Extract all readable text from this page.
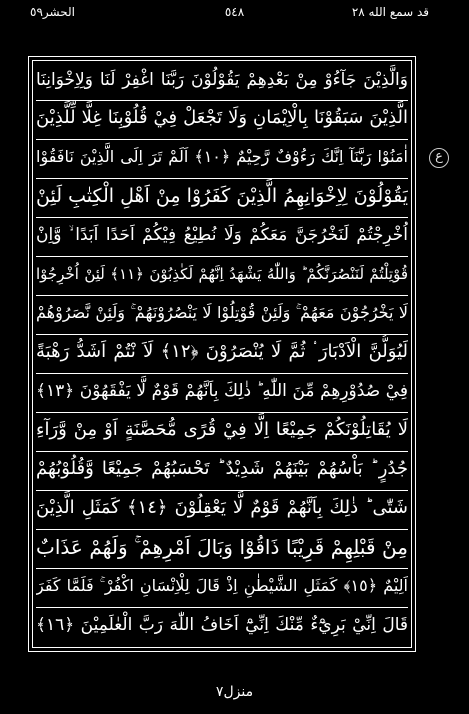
الحشر٥٩	٥٤٨	قد سمع الله ٢٨
ع
وَالَّذِيْنَ جَآءُوْ مِنْ بَعْدِهِمْ يَقُوْلُوْنَ رَبَّنَا اغْفِرْ لَنَا وَلِاِخْوَانِنَا
الَّذِيْنَ سَبَقُوْنَا بِالْاِيْمَانِ وَلَا تَجْعَلْ فِيْ قُلُوْبِنَا غِلًّا لِّلَّذِيْنَ
اٰمَنُوْا رَبَّنَآ اِنَّكَ رَءُوْفٌ رَّحِيْمٌ ﴿١٠﴾ اَلَمْ تَرَ اِلَى الَّذِيْنَ نَافَقُوْا
يَقُوْلُوْنَ لِاِخْوَانِهِمُ الَّذِيْنَ كَفَرُوْا مِنْ اَهْلِ الْكِتٰبِ لَئِنْ
اُخْرِجْتُمْ لَنَخْرُجَنَّ مَعَكُمْ وَلَا نُطِيْعُ فِيْكُمْ اَحَدًا اَبَدًا ۙ وَّاِنْ
قُوْتِلْتُمْ لَنَنْصُرَنَّكُمْ ؕ وَاللّٰهُ يَشْهَدُ اِنَّهُمْ لَكٰذِبُوْنَ ﴿١١﴾ لَئِنْ اُخْرِجُوْا
لَا يَخْرُجُوْنَ مَعَهُمْ ۚ وَلَئِنْ قُوْتِلُوْا لَا يَنْصُرُوْنَهُمْ ۚ وَلَئِنْ نَّصَرُوْهُمْ
لَيُوَلُّنَّ الْاَدْبَارَ ۟ ثُمَّ لَا يُنْصَرُوْنَ ﴿١٢﴾ لَاَ نْتُمْ اَشَدُّ رَهْبَةً
فِيْ صُدُوْرِهِمْ مِّنَ اللّٰهِ ؕ ذٰلِكَ بِاَنَّهُمْ قَوْمٌ لَّا يَفْقَهُوْنَ ﴿١٣﴾
لَا يُقَاتِلُوْنَكُمْ جَمِيْعًا اِلَّا فِيْ قُرًى مُّحَصَّنَةٍ اَوْ مِنْ وَّرَآءِ
جُدُرٍ ؕ بَاْسُهُمْ بَيْنَهُمْ شَدِيْدٌ ؕ تَحْسَبُهُمْ جَمِيْعًا وَّقُلُوْبُهُمْ
شَتّٰى ؕ ذٰلِكَ بِاَنَّهُمْ قَوْمٌ لَّا يَعْقِلُوْنَ ﴿١٤﴾ كَمَثَلِ الَّذِيْنَ
مِنْ قَبْلِهِمْ قَرِيْبًا ذَاقُوْا وَبَالَ اَمْرِهِمْ ۚ وَلَهُمْ عَذَابٌ
اَلِيْمٌ ﴿١٥﴾ كَمَثَلِ الشَّيْطٰنِ اِذْ قَالَ لِلْاِنْسَانِ اكْفُرْ ۚ فَلَمَّا كَفَرَ
قَالَ اِنِّيْ بَرِيْٓءٌ مِّنْكَ اِنِّيْٓ اَخَافُ اللّٰهَ رَبَّ الْعٰلَمِيْنَ ﴿١٦﴾
منزل٧
